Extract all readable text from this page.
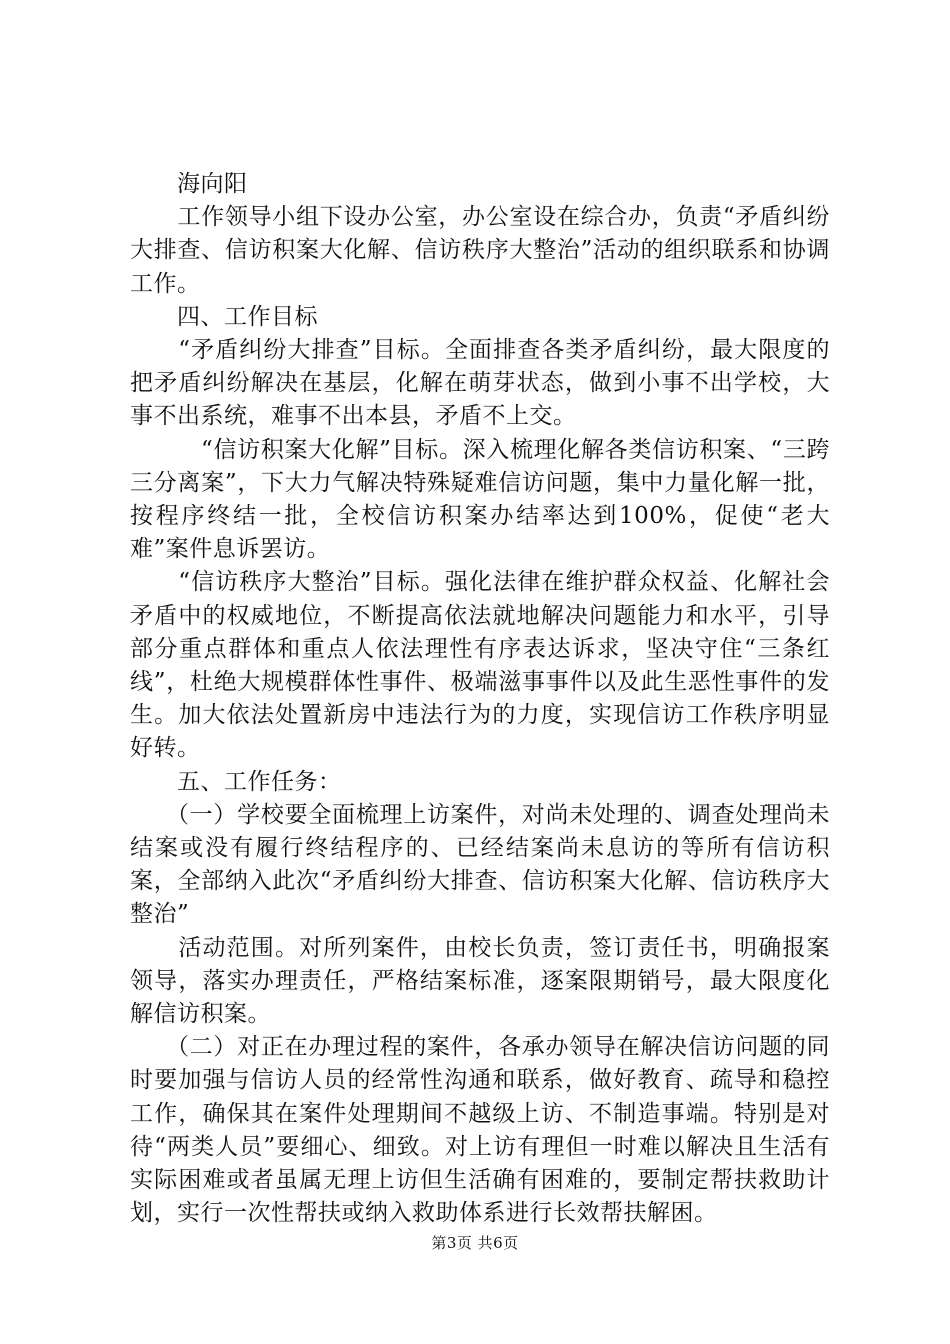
　　海向阳

　　工作领导小组下设办公室，办公室设在综合办，负责“矛盾纠纷大排查、信访积案大化解、信访秩序大整治”活动的组织联系和协调工作。

　　四、工作目标

　　“矛盾纠纷大排查”目标。全面排查各类矛盾纠纷，最大限度的把矛盾纠纷解决在基层，化解在萌芽状态，做到小事不出学校，大事不出系统，难事不出本县，矛盾不上交。

　　　“信访积案大化解”目标。深入梳理化解各类信访积案、“三跨三分离案”，下大力气解决特殊疑难信访问题，集中力量化解一批，按程序终结一批，全校信访积案办结率达到100%，促使“老大难”案件息诉罢访。

　　“信访秩序大整治”目标。强化法律在维护群众权益、化解社会矛盾中的权威地位，不断提高依法就地解决问题能力和水平，引导部分重点群体和重点人依法理性有序表达诉求，坚决守住“三条红线”，杜绝大规模群体性事件、极端滋事事件以及此生恶性事件的发生。加大依法处置新房中违法行为的力度，实现信访工作秩序明显好转。

　　五、工作任务：

　　（一）学校要全面梳理上访案件，对尚未处理的、调查处理尚未结案或没有履行终结程序的、已经结案尚未息访的等所有信访积案，全部纳入此次“矛盾纠纷大排查、信访积案大化解、信访秩序大整治”

　　活动范围。对所列案件，由校长负责，签订责任书，明确报案领导，落实办理责任，严格结案标准，逐案限期销号，最大限度化解信访积案。

　　（二）对正在办理过程的案件，各承办领导在解决信访问题的同时要加强与信访人员的经常性沟通和联系，做好教育、疏导和稳控工作，确保其在案件处理期间不越级上访、不制造事端。特别是对待“两类人员”要细心、细致。对上访有理但一时难以解决且生活有实际困难或者虽属无理上访但生活确有困难的，要制定帮扶救助计划，实行一次性帮扶或纳入救助体系进行长效帮扶解困。

第3页 共6页
